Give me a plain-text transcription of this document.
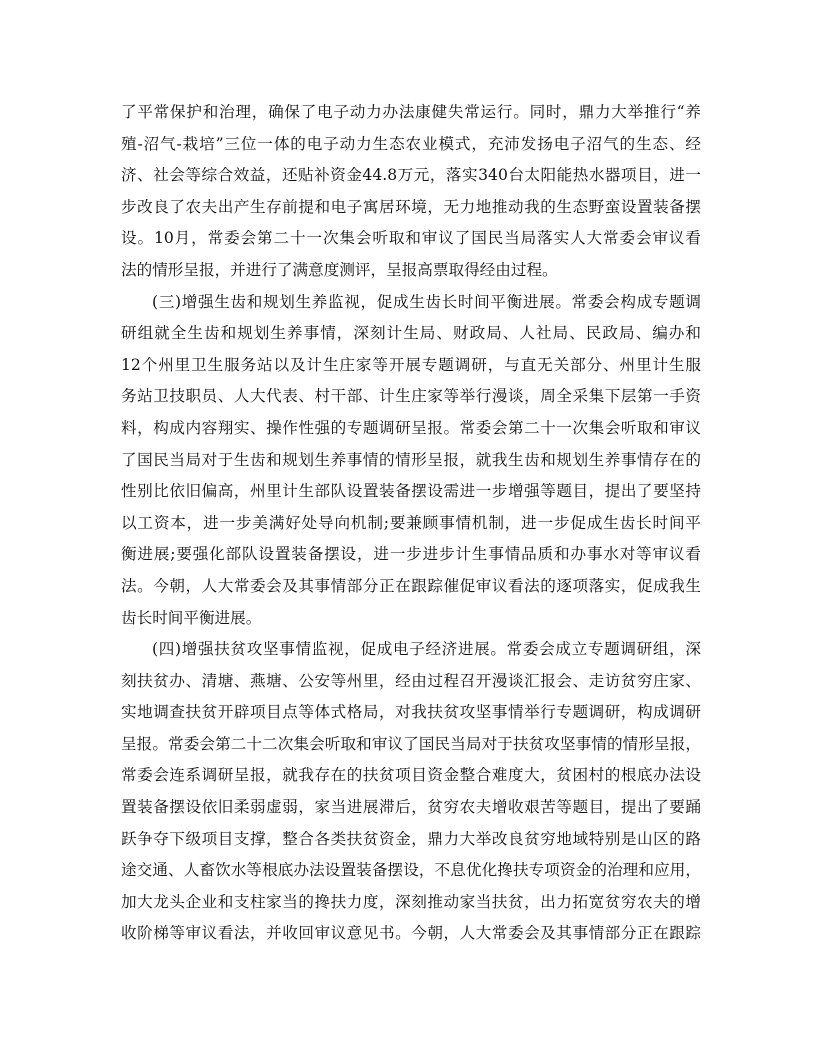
了平常保护和治理，确保了电子动力办法康健失常运行。同时，鼎力大举推行“养

殖-沼气-栽培”三位一体的电子动力生态农业模式，充沛发扬电子沼气的生态、经

济、社会等综合效益，还贴补资金44.8万元，落实340台太阳能热水器项目，进一

步改良了农夫出产生存前提和电子寓居环境，无力地推动我的生态野蛮设置装备摆

设。10月，常委会第二十一次集会听取和审议了国民当局落实人大常委会审议看

法的情形呈报，并进行了满意度测评，呈报高票取得经由过程。

(三)增强生齿和规划生养监视，促成生齿长时间平衡进展。常委会构成专题调

研组就全生齿和规划生养事情，深刻计生局、财政局、人社局、民政局、编办和

12个州里卫生服务站以及计生庄家等开展专题调研，与直无关部分、州里计生服

务站卫技职员、人大代表、村干部、计生庄家等举行漫谈，周全采集下层第一手资

料，构成内容翔实、操作性强的专题调研呈报。常委会第二十一次集会听取和审议

了国民当局对于生齿和规划生养事情的情形呈报，就我生齿和规划生养事情存在的

性别比依旧偏高，州里计生部队设置装备摆设需进一步增强等题目，提出了要坚持

以工资本，进一步美满好处导向机制;要兼顾事情机制，进一步促成生齿长时间平

衡进展;要强化部队设置装备摆设，进一步进步计生事情品质和办事水对等审议看

法。今朝，人大常委会及其事情部分正在跟踪催促审议看法的逐项落实，促成我生

齿长时间平衡进展。

(四)增强扶贫攻坚事情监视，促成电子经济进展。常委会成立专题调研组，深

刻扶贫办、清塘、燕塘、公安等州里，经由过程召开漫谈汇报会、走访贫穷庄家、

实地调查扶贫开辟项目点等体式格局，对我扶贫攻坚事情举行专题调研，构成调研

呈报。常委会第二十二次集会听取和审议了国民当局对于扶贫攻坚事情的情形呈报，

常委会连系调研呈报，就我存在的扶贫项目资金整合难度大，贫困村的根底办法设

置装备摆设依旧柔弱虚弱，家当进展滞后，贫穷农夫增收艰苦等题目，提出了要踊

跃争夺下级项目支撑，整合各类扶贫资金，鼎力大举改良贫穷地域特别是山区的路

途交通、人畜饮水等根底办法设置装备摆设，不息优化搀扶专项资金的治理和应用，

加大龙头企业和支柱家当的搀扶力度，深刻推动家当扶贫，出力拓宽贫穷农夫的增

收阶梯等审议看法，并收回审议意见书。今朝，人大常委会及其事情部分正在跟踪
